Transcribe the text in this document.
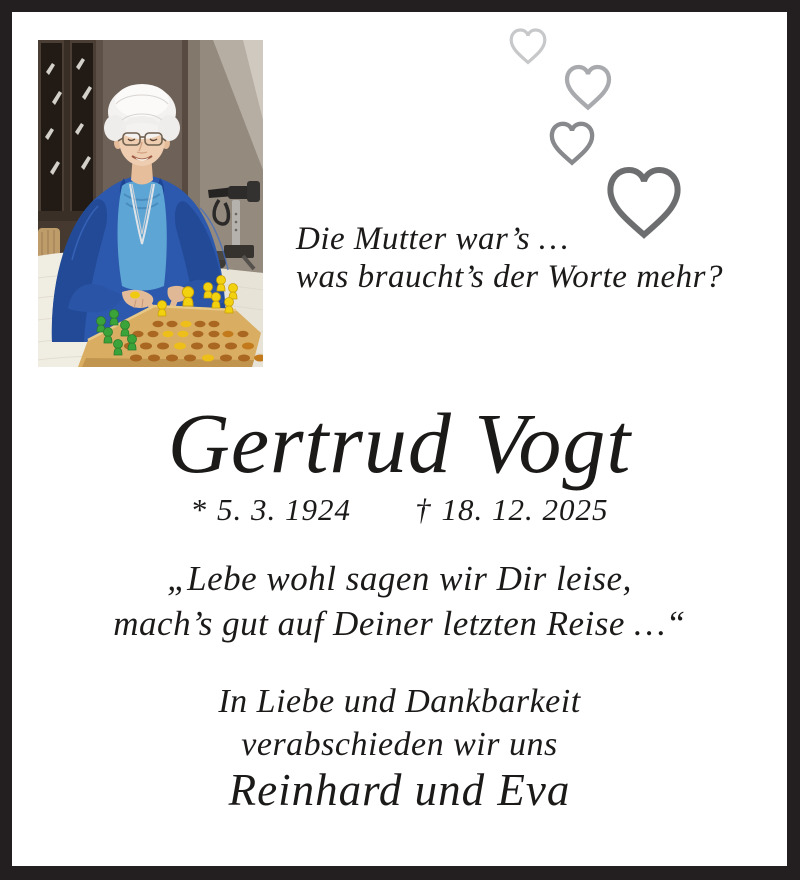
Die Mutter war’s …
was braucht’s der Worte mehr?
Gertrud Vogt
* 5. 3. 1924 † 18. 12. 2025
„Lebe wohl sagen wir Dir leise,
mach’s gut auf Deiner letzten Reise …“
In Liebe und Dankbarkeit
verabschieden wir uns
Reinhard und Eva
